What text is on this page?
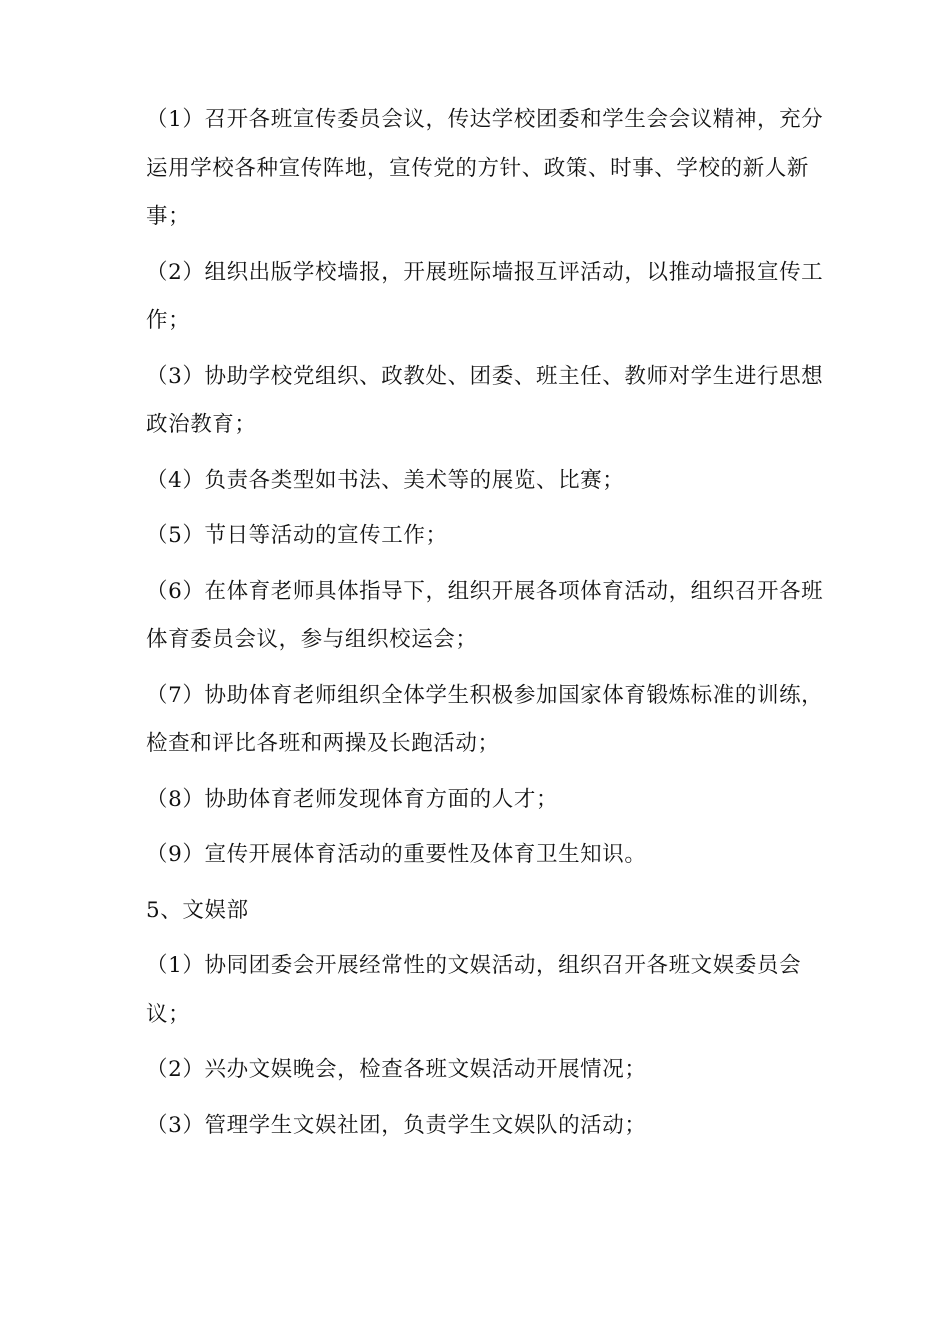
（1）召开各班宣传委员会议，传达学校团委和学生会会议精神，充分运用学校各种宣传阵地，宣传党的方针、政策、时事、学校的新人新事；

（2）组织出版学校墙报，开展班际墙报互评活动，以推动墙报宣传工作；

（3）协助学校党组织、政教处、团委、班主任、教师对学生进行思想政治教育；

（4）负责各类型如书法、美术等的展览、比赛；

（5）节日等活动的宣传工作；

（6）在体育老师具体指导下，组织开展各项体育活动，组织召开各班体育委员会议，参与组织校运会；

（7）协助体育老师组织全体学生积极参加国家体育锻炼标准的训练，检查和评比各班和两操及长跑活动；

（8）协助体育老师发现体育方面的人才；

（9）宣传开展体育活动的重要性及体育卫生知识。

5、文娱部

（1）协同团委会开展经常性的文娱活动，组织召开各班文娱委员会议；

（2）兴办文娱晚会，检查各班文娱活动开展情况；

（3）管理学生文娱社团，负责学生文娱队的活动；
